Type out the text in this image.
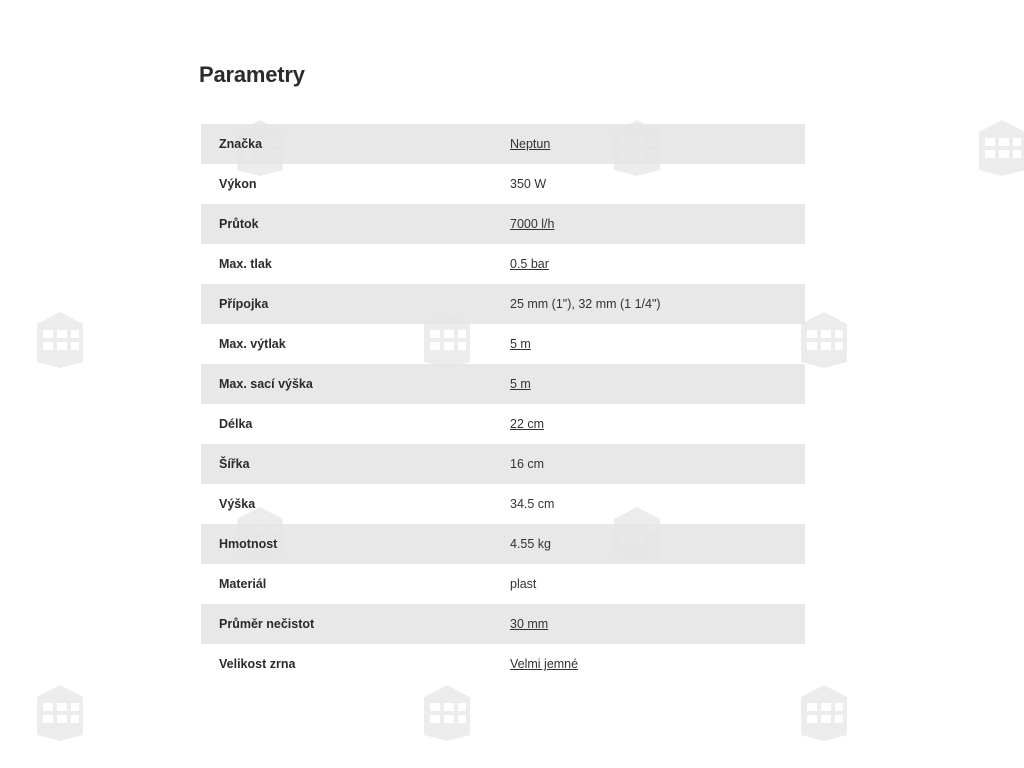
Parametry
Značka	Neptun
Výkon	350 W
Průtok	7000 l/h
Max. tlak	0.5 bar
Přípojka	25 mm (1"), 32 mm (1 1/4")
Max. výtlak	5 m
Max. sací výška	5 m
Délka	22 cm
Šířka	16 cm
Výška	34.5 cm
Hmotnost	4.55 kg
Materiál	plast
Průměr nečistot	30 mm
Velikost zrna	Velmi jemné
